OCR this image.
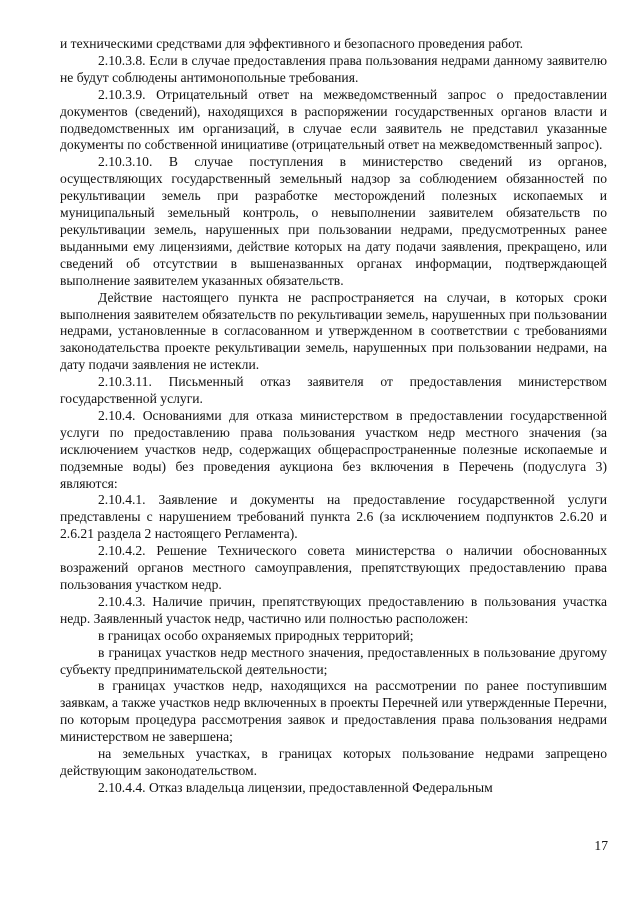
и техническими средствами для эффективного и безопасного проведения работ.

2.10.3.8. Если в случае предоставления права пользования недрами данному заявителю не будут соблюдены антимонопольные требования.

2.10.3.9. Отрицательный ответ на межведомственный запрос о предоставлении документов (сведений), находящихся в распоряжении государственных органов власти и подведомственных им организаций, в случае если заявитель не представил указанные документы по собственной инициативе (отрицательный ответ на межведомственный запрос).

2.10.3.10. В случае поступления в министерство сведений из органов, осуществляющих государственный земельный надзор за соблюдением обязанностей по рекультивации земель при разработке месторождений полезных ископаемых и муниципальный земельный контроль, о невыполнении заявителем обязательств по рекультивации земель, нарушенных при пользовании недрами, предусмотренных ранее выданными ему лицензиями, действие которых на дату подачи заявления, прекращено, или сведений об отсутствии в вышеназванных органах информации, подтверждающей выполнение заявителем указанных обязательств.

Действие настоящего пункта не распространяется на случаи, в которых сроки выполнения заявителем обязательств по рекультивации земель, нарушенных при пользовании недрами, установленные в согласованном и утвержденном в соответствии с требованиями законодательства проекте рекультивации земель, нарушенных при пользовании недрами, на дату подачи заявления не истекли.

2.10.3.11. Письменный отказ заявителя от предоставления министерством государственной услуги.

2.10.4. Основаниями для отказа министерством в предоставлении государственной услуги по предоставлению права пользования участком недр местного значения (за исключением участков недр, содержащих общераспространенные полезные ископаемые и подземные воды) без проведения аукциона без включения в Перечень (подуслуга 3) являются:

2.10.4.1. Заявление и документы на предоставление государственной услуги представлены с нарушением требований пункта 2.6 (за исключением подпунктов 2.6.20 и 2.6.21 раздела 2 настоящего Регламента).

2.10.4.2. Решение Технического совета министерства о наличии обоснованных возражений органов местного самоуправления, препятствующих предоставлению права пользования участком недр.

2.10.4.3. Наличие причин, препятствующих предоставлению в пользования участка недр. Заявленный участок недр, частично или полностью расположен:

в границах особо охраняемых природных территорий;

в границах участков недр местного значения, предоставленных в пользование другому субъекту предпринимательской деятельности;

в границах участков недр, находящихся на рассмотрении по ранее поступившим заявкам, а также участков недр включенных в проекты Перечней или утвержденные Перечни, по которым процедура рассмотрения заявок и предоставления права пользования недрами министерством не завершена;

на земельных участках, в границах которых пользование недрами запрещено действующим законодательством.

2.10.4.4. Отказ владельца лицензии, предоставленной Федеральным

17
